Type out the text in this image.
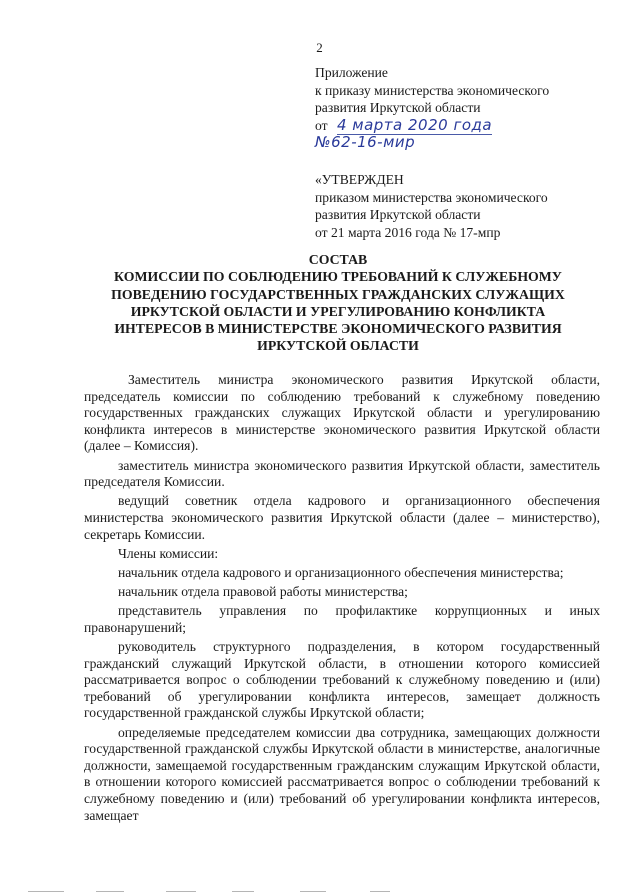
2
Приложение
к приказу министерства экономического
развития Иркутской области
от 4 марта 2020 года
№62-16-мир
«УТВЕРЖДЕН
приказом министерства экономического
развития Иркутской области
от 21 марта 2016 года № 17-мпр
СОСТАВ
КОМИССИИ ПО СОБЛЮДЕНИЮ ТРЕБОВАНИЙ К СЛУЖЕБНОМУ
ПОВЕДЕНИЮ ГОСУДАРСТВЕННЫХ ГРАЖДАНСКИХ СЛУЖАЩИХ
ИРКУТСКОЙ ОБЛАСТИ И УРЕГУЛИРОВАНИЮ КОНФЛИКТА
ИНТЕРЕСОВ В МИНИСТЕРСТВЕ ЭКОНОМИЧЕСКОГО РАЗВИТИЯ
ИРКУТСКОЙ ОБЛАСТИ

Заместитель министра экономического развития Иркутской области, председатель комиссии по соблюдению требований к служебному поведению государственных гражданских служащих Иркутской области и урегулированию конфликта интересов в министерстве экономического развития Иркутской области (далее – Комиссия).

заместитель министра экономического развития Иркутской области, заместитель председателя Комиссии.

ведущий советник отдела кадрового и организационного обеспечения министерства экономического развития Иркутской области (далее – министерство), секретарь Комиссии.

Члены комиссии:

начальник отдела кадрового и организационного обеспечения министерства;

начальник отдела правовой работы министерства;

представитель управления по профилактике коррупционных и иных правонарушений;

руководитель структурного подразделения, в котором государственный гражданский служащий Иркутской области, в отношении которого комиссией рассматривается вопрос о соблюдении требований к служебному поведению и (или) требований об урегулировании конфликта интересов, замещает должность государственной гражданской службы Иркутской области;

определяемые председателем комиссии два сотрудника, замещающих должности государственной гражданской службы Иркутской области в министерстве, аналогичные должности, замещаемой государственным гражданским служащим Иркутской области, в отношении которого комиссией рассматривается вопрос о соблюдении требований к служебному поведению и (или) требований об урегулировании конфликта интересов, замещает
